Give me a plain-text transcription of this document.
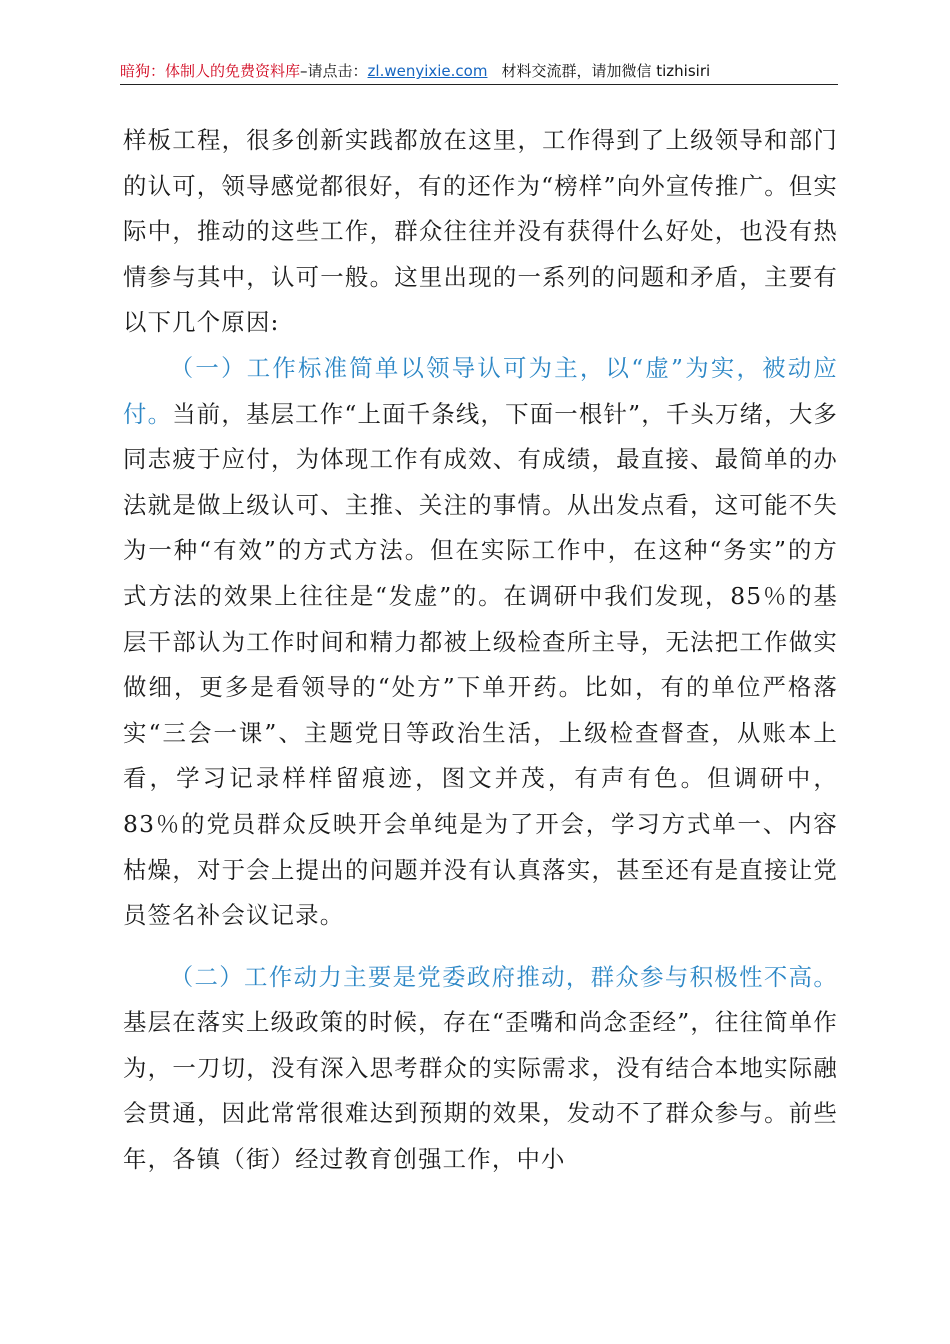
暗狗：体制人的免费资料库–请点击：zl.wenyixie.com 材料交流群，请加微信 tizhisiri

样板工程，很多创新实践都放在这里，工作得到了上级领导和部门的认可，领导感觉都很好，有的还作为“榜样”向外宣传推广。但实际中，推动的这些工作，群众往往并没有获得什么好处，也没有热情参与其中，认可一般。这里出现的一系列的问题和矛盾，主要有以下几个原因:

（一）工作标准简单以领导认可为主，以“虚”为实，被动应付。当前，基层工作“上面千条线，下面一根针”，千头万绪，大多同志疲于应付，为体现工作有成效、有成绩，最直接、最简单的办法就是做上级认可、主推、关注的事情。从出发点看，这可能不失为一种“有效”的方式方法。但在实际工作中，在这种“务实”的方式方法的效果上往往是“发虚”的。在调研中我们发现，85％的基层干部认为工作时间和精力都被上级检查所主导，无法把工作做实做细，更多是看领导的“处方”下单开药。比如，有的单位严格落实“三会一课”、主题党日等政治生活，上级检查督查，从账本上看，学习记录样样留痕迹，图文并茂，有声有色。但调研中，83％的党员群众反映开会单纯是为了开会，学习方式单一、内容枯燥，对于会上提出的问题并没有认真落实，甚至还有是直接让党员签名补会议记录。

（二）工作动力主要是党委政府推动，群众参与积极性不高。基层在落实上级政策的时候，存在“歪嘴和尚念歪经”，往往简单作为，一刀切，没有深入思考群众的实际需求，没有结合本地实际融会贯通，因此常常很难达到预期的效果，发动不了群众参与。前些年，各镇（街）经过教育创强工作，中小
